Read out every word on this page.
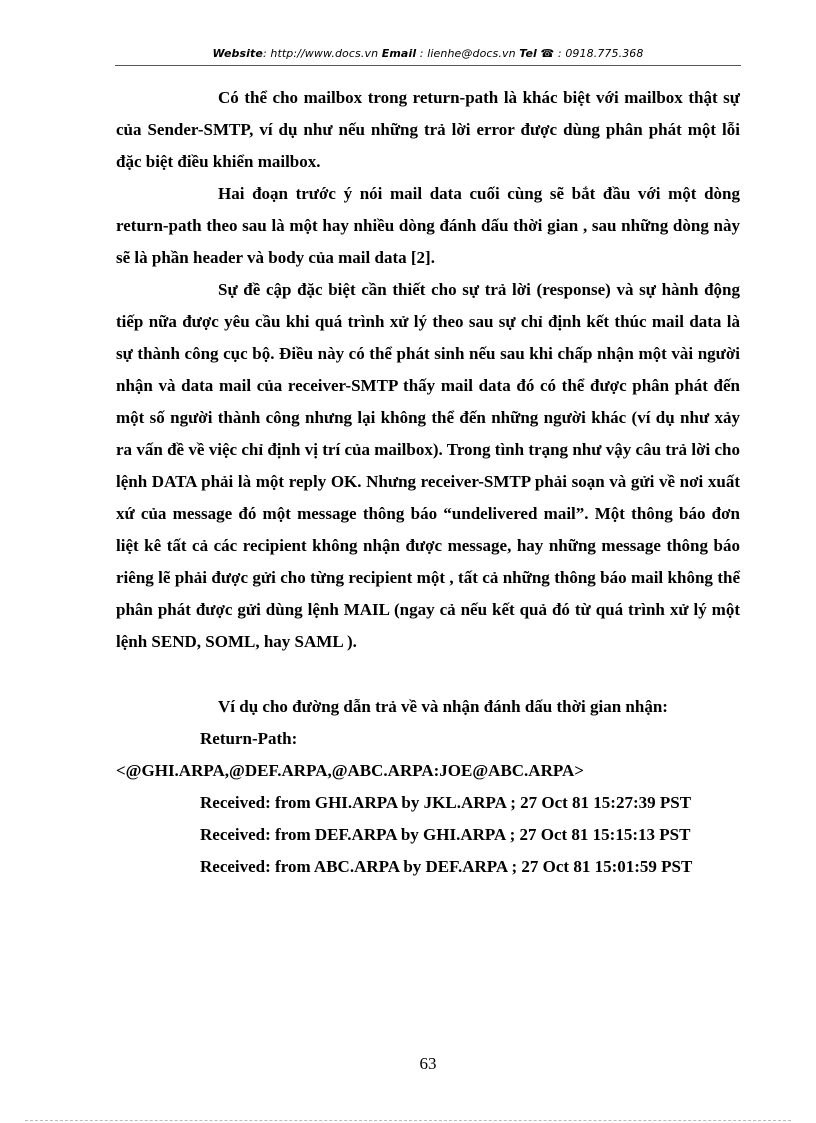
Website: http://www.docs.vn Email : lienhe@docs.vn Tel ☎ : 0918.775.368

Có thể cho mailbox trong return-path là khác biệt với mailbox thật sự của Sender-SMTP, ví dụ như nếu những trả lời error được dùng phân phát một lỗi đặc biệt điều khiển mailbox.

Hai đoạn trước ý nói mail data cuối cùng sẽ bắt đầu với một dòng return-path theo sau là một hay nhiều dòng đánh dấu thời gian , sau những dòng này sẽ là phần header và body của mail data [2].

Sự đề cập đặc biệt cần thiết cho sự trả lời (response) và sự hành động tiếp nữa được yêu cầu khi quá trình xử lý theo sau sự chỉ định kết thúc mail data là sự thành công cục bộ. Điều này có thể phát sinh nếu sau khi chấp nhận một vài người nhận và data mail của receiver-SMTP thấy mail data đó có thể được phân phát đến một số người thành công nhưng lại không thể đến những người khác (ví dụ như xảy ra vấn đề về việc chỉ định vị trí của mailbox). Trong tình trạng như vậy câu trả lời cho lệnh DATA phải là một reply OK. Nhưng receiver-SMTP phải soạn và gửi về nơi xuất xứ của message đó một message thông báo “undelivered mail”. Một thông báo đơn liệt kê tất cả các recipient không nhận được message, hay những message thông báo riêng lẽ phải được gửi cho từng recipient một , tất cả những thông báo mail không thể phân phát được gửi dùng lệnh MAIL (ngay cả nếu kết quả đó từ quá trình xử lý một lệnh SEND, SOML, hay SAML ).

Ví dụ cho đường dẫn trả về và nhận đánh dấu thời gian nhận:

Return-Path:

<@GHI.ARPA,@DEF.ARPA,@ABC.ARPA:JOE@ABC.ARPA>

Received: from GHI.ARPA by JKL.ARPA ; 27 Oct 81 15:27:39 PST

Received: from DEF.ARPA by GHI.ARPA ; 27 Oct 81 15:15:13 PST

Received: from ABC.ARPA by DEF.ARPA ; 27 Oct 81 15:01:59 PST

63
